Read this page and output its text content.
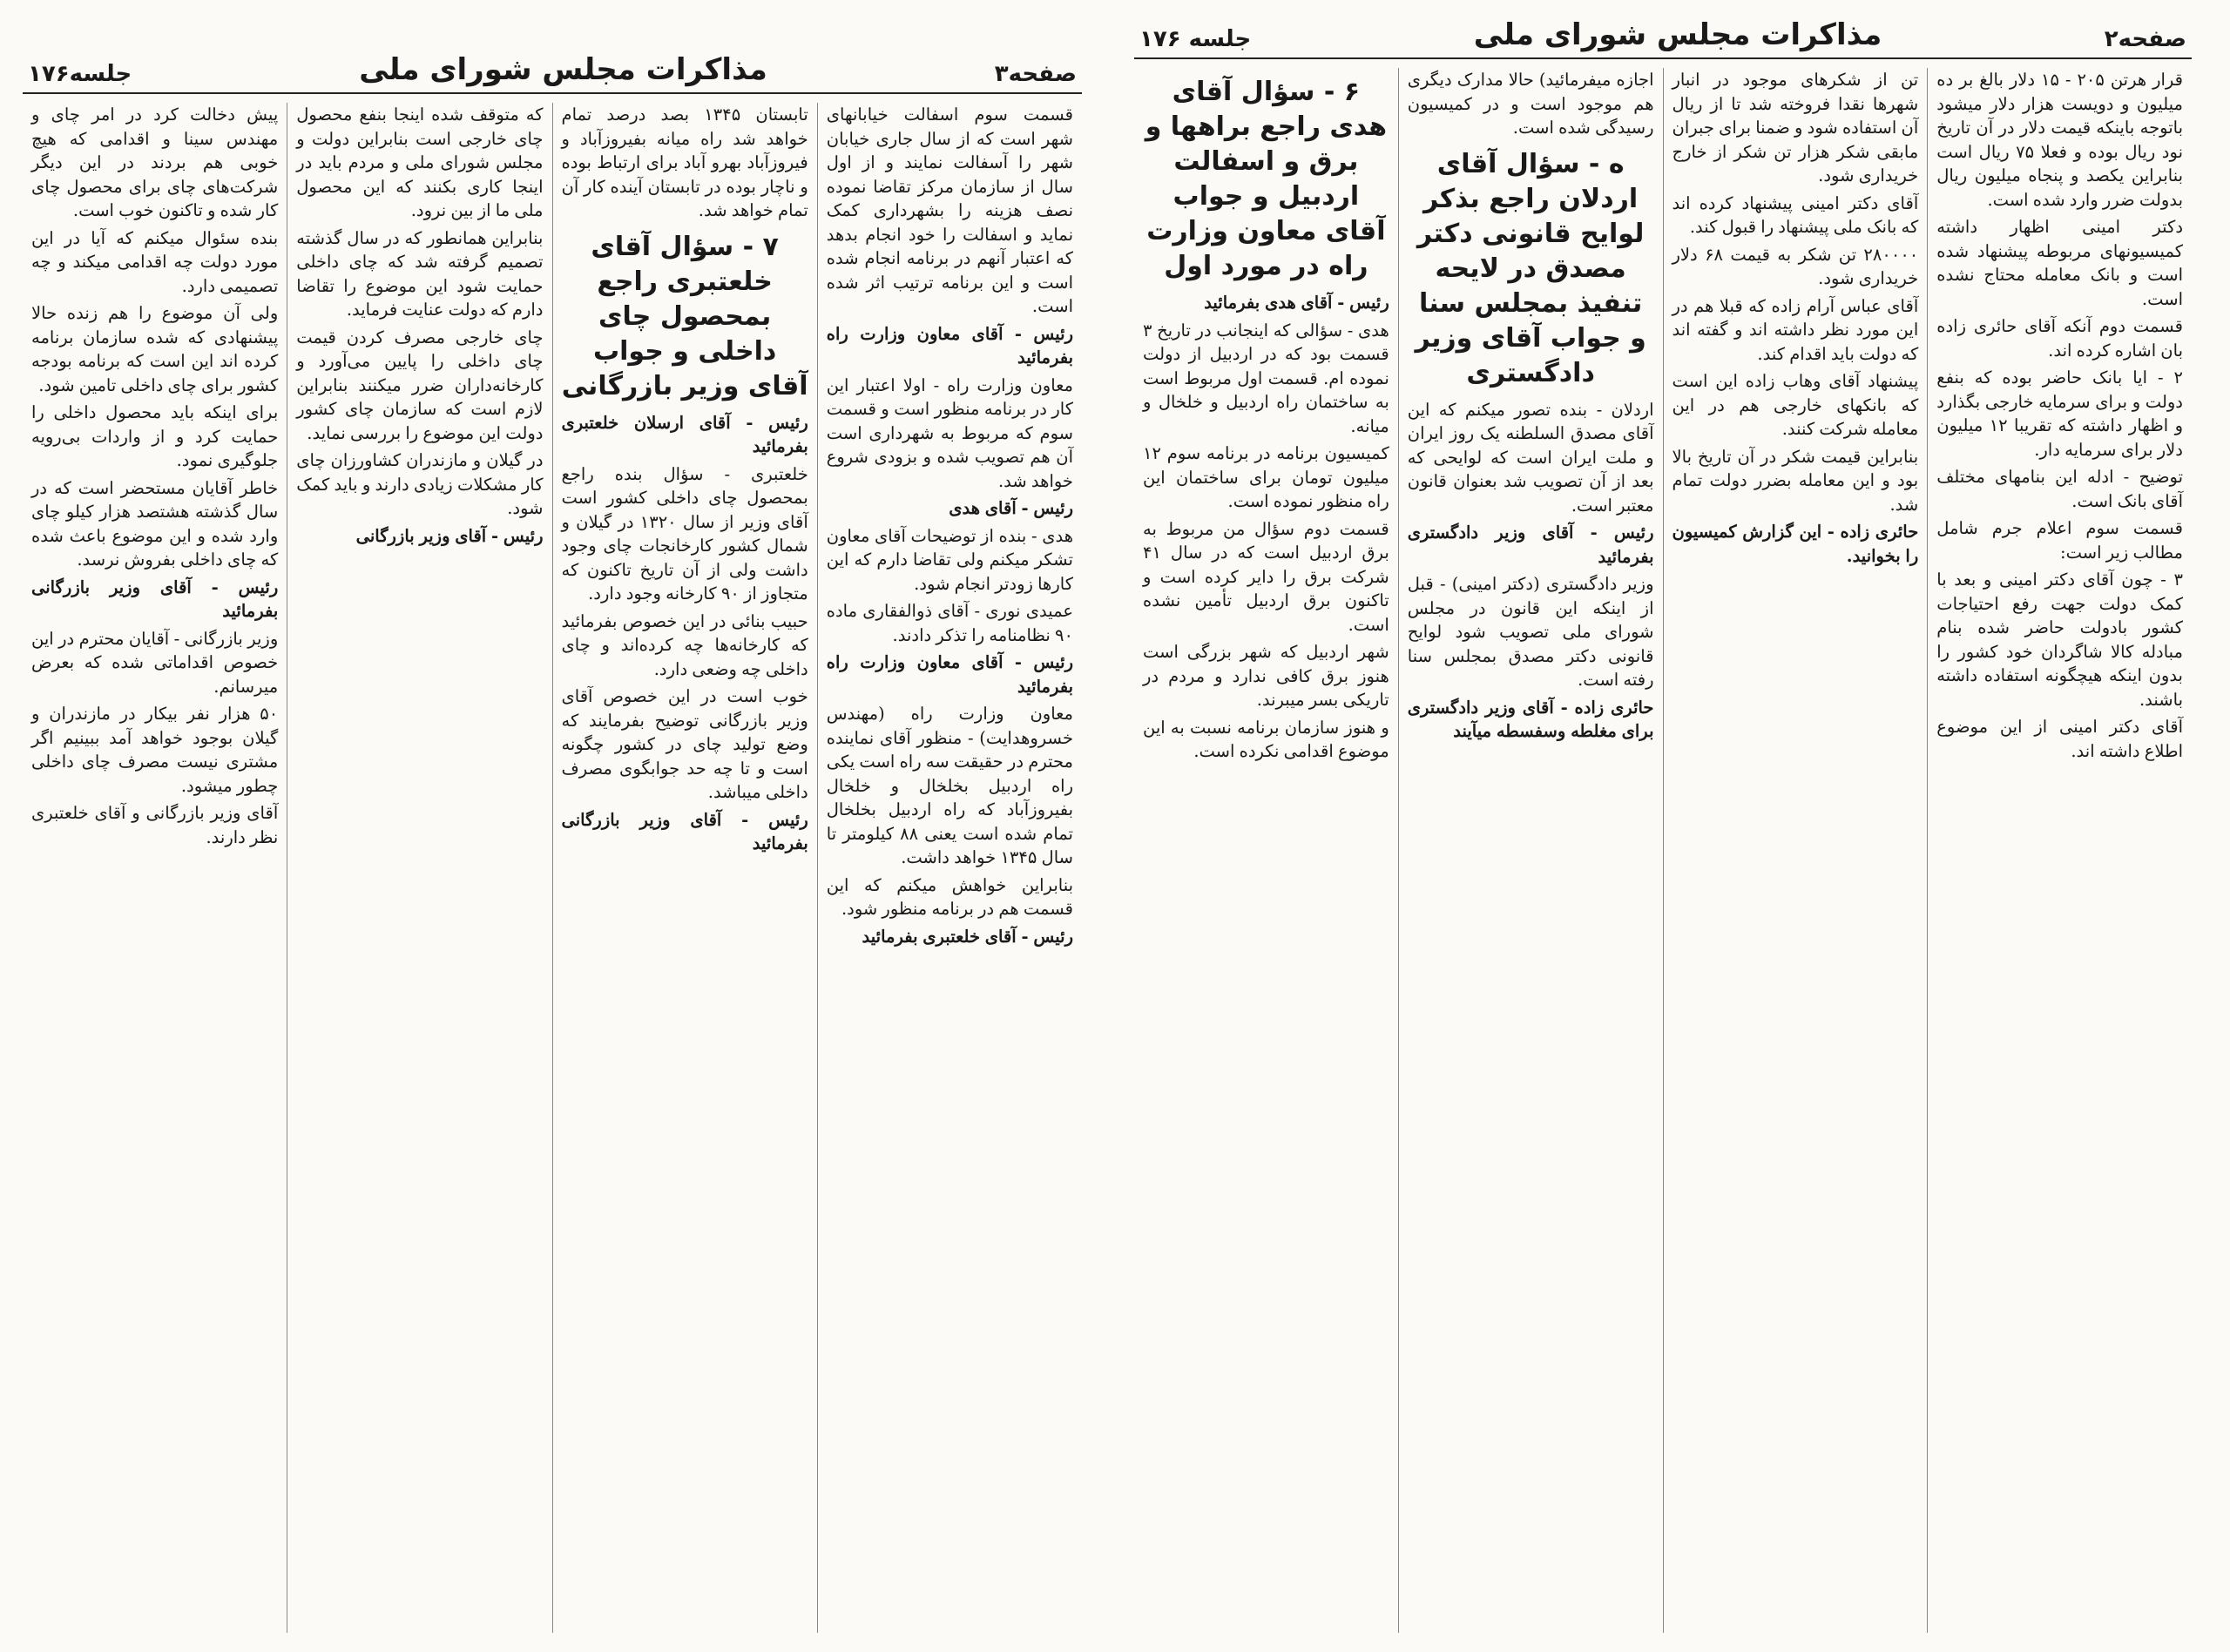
جلسه۱۷۶	مذاکرات مجلس شورای ملی	صفحه۳

قسمت سوم اسفالت خیابانهای شهر است که از سال جاری خیابان شهر را آسفالت نمایند و از اول سال از سازمان مرکز تقاضا نموده نصف هزینه را بشهرداری کمک نماید و اسفالت را خود انجام بدهد که اعتبار آنهم در برنامه انجام شده است و این برنامه ترتیب اثر شده است.

رئیس - آقای معاون وزارت راه بفرمائید

معاون وزارت راه - اولا اعتبار این کار در برنامه منظور است و قسمت سوم که مربوط به شهرداری است آن هم تصویب شده و بزودی شروع خواهد شد.

رئیس - آقای هدی

هدی - بنده از توضیحات آقای معاون تشکر میکنم ولی تقاضا دارم که این کارها زودتر انجام شود.

عمیدی نوری - آقای ذوالفقاری ماده ۹۰ نظامنامه را تذکر دادند.

رئیس - آقای معاون وزارت راه بفرمائید

معاون وزارت راه (مهندس خسروهدایت) - منظور آقای نماینده محترم در حقیقت سه راه است یکی راه اردبیل بخلخال و خلخال بفیروزآباد که راه اردبیل بخلخال تمام شده است یعنی ۸۸ کیلومتر تا سال ۱۳۴۵ خواهد داشت.

بنابراین خواهش میکنم که این قسمت هم در برنامه منظور شود.

رئیس - آقای خلعتبری بفرمائید

تابستان ۱۳۴۵ بصد درصد تمام خواهد شد راه میانه بفیروزآباد و فیروزآباد بهرو آباد برای ارتباط بوده و ناچار بوده در تابستان آینده کار آن تمام خواهد شد.

۷ - سؤال آقای خلعتبری راجع بمحصول چای داخلی و جواب آقای وزیر بازرگانی

رئیس - آقای ارسلان خلعتبری بفرمائید

خلعتبری - سؤال بنده راجع بمحصول چای داخلی کشور است آقای وزیر از سال ۱۳۲۰ در گیلان و شمال کشور کارخانجات چای وجود داشت ولی از آن تاریخ تاکنون که متجاوز از ۹۰ کارخانه وجود دارد.

حبیب بنائی در این خصوص بفرمائید که کارخانه‌ها چه کرده‌اند و چای داخلی چه وضعی دارد.

خوب است در این خصوص آقای وزیر بازرگانی توضیح بفرمایند که وضع تولید چای در کشور چگونه است و تا چه حد جوابگوی مصرف داخلی میباشد.

رئیس - آقای وزیر بازرگانی بفرمائید

که متوقف شده اینجا بنفع محصول چای خارجی است بنابراین دولت و مجلس شورای ملی و مردم باید در اینجا کاری بکنند که این محصول ملی ما از بین نرود.

بنابراین همانطور که در سال گذشته تصمیم گرفته شد که چای داخلی حمایت شود این موضوع را تقاضا دارم که دولت عنایت فرماید.

چای خارجی مصرف کردن قیمت چای داخلی را پایین می‌آورد و کارخانه‌داران ضرر میکنند بنابراین لازم است که سازمان چای کشور دولت این موضوع را بررسی نماید.

در گیلان و مازندران کشاورزان چای کار مشکلات زیادی دارند و باید کمک شود.

رئیس - آقای وزیر بازرگانی

پیش دخالت کرد در امر چای و مهندس سینا و اقدامی که هیچ خوبی هم بردند در این دیگر شرکت‌های چای برای محصول چای کار شده و تاکنون خوب است.

بنده سئوال میکنم که آیا در این مورد دولت چه اقدامی میکند و چه تصمیمی دارد.

ولی آن موضوع را هم زنده حالا پیشنهادی که شده سازمان برنامه کرده اند این است که برنامه بودجه کشور برای چای داخلی تامین شود.

برای اینکه باید محصول داخلی را حمایت کرد و از واردات بی‌رویه جلوگیری نمود.

خاطر آقایان مستحضر است که در سال گذشته هشتصد هزار کیلو چای وارد شده و این موضوع باعث شده که چای داخلی بفروش نرسد.

رئیس - آقای وزیر بازرگانی بفرمائید

وزیر بازرگانی - آقایان محترم در این خصوص اقداماتی شده که بعرض میرسانم.

۵۰ هزار نفر بیکار در مازندران و گیلان بوجود خواهد آمد ببینیم اگر مشتری نیست مصرف چای داخلی چطور میشود.

آقای وزیر بازرگانی و آقای خلعتبری نظر دارند.

جلسه ۱۷۶	مذاکرات مجلس شورای ملی	صفحه۲

قرار هرتن ۲۰۵ - ۱۵ دلار بالغ بر ده میلیون و دویست هزار دلار میشود باتوجه باینکه قیمت دلار در آن تاریخ نود ریال بوده و فعلا ۷۵ ریال است بنابراین یکصد و پنجاه میلیون ریال بدولت ضرر وارد شده است.

دکتر امینی اظهار داشته کمیسیونهای مربوطه پیشنهاد شده است و بانک معامله محتاج نشده است.

قسمت دوم آنکه آقای حائری زاده بان اشاره کرده اند.

۲ - ایا بانک حاضر بوده که بنفع دولت و برای سرمایه خارجی بگذارد و اظهار داشته که تقریبا ۱۲ میلیون دلار برای سرمایه دار.

توضیح - ادله این بنامهای مختلف آقای بانک است.

قسمت سوم اعلام جرم شامل مطالب زیر است:

۳ - چون آقای دکتر امینی و بعد با کمک دولت جهت رفع احتیاجات کشور بادولت حاضر شده بنام مبادله کالا شاگردان خود کشور را بدون اینکه هیچگونه استفاده داشته باشند.

آقای دکتر امینی از این موضوع اطلاع داشته اند.

تن از شکرهای موجود در انبار شهرها نقدا فروخته شد تا از ریال آن استفاده شود و ضمنا برای جبران مابقی شکر هزار تن شکر از خارج خریداری شود.

آقای دکتر امینی پیشنهاد کرده اند که بانک ملی پیشنهاد را قبول کند.

۲۸۰۰۰۰ تن شکر به قیمت ۶۸ دلار خریداری شود.

آقای عباس آرام زاده که قبلا هم در این مورد نظر داشته اند و گفته اند که دولت باید اقدام کند.

پیشنهاد آقای وهاب زاده این است که بانکهای خارجی هم در این معامله شرکت کنند.

بنابراین قیمت شکر در آن تاریخ بالا بود و این معامله بضرر دولت تمام شد.

حائری زاده - این گزارش کمیسیون را بخوانید.

اجازه میفرمائید) حالا مدارک دیگری هم موجود است و در کمیسیون رسیدگی شده است.

ه - سؤال آقای اردلان راجع بذکر لوایح قانونی دکتر مصدق در لایحه تنفیذ بمجلس سنا و جواب آقای وزیر دادگستری

اردلان - بنده تصور میکنم که این آقای مصدق السلطنه یک روز ایران و ملت ایران است که لوایحی که بعد از آن تصویب شد بعنوان قانون معتبر است.

رئیس - آقای وزیر دادگستری بفرمائید

وزیر دادگستری (دکتر امینی) - قبل از اینکه این قانون در مجلس شورای ملی تصویب شود لوایح قانونی دکتر مصدق بمجلس سنا رفته است.

حائری زاده - آقای وزیر دادگستری برای مغلطه وسفسطه میآیند

۶ - سؤال آقای هدی راجع براهها و برق و اسفالت اردبیل و جواب آقای معاون وزارت راه در مورد اول

رئیس - آقای هدی بفرمائید

هدی - سؤالی که اینجانب در تاریخ ۳ قسمت بود که در اردبیل از دولت نموده ام. قسمت اول مربوط است به ساختمان راه اردبیل و خلخال و میانه.

کمیسیون برنامه در برنامه سوم ۱۲ میلیون تومان برای ساختمان این راه منظور نموده است.

قسمت دوم سؤال من مربوط به برق اردبیل است که در سال ۴۱ شرکت برق را دایر کرده است و تاکنون برق اردبیل تأمین نشده است.

شهر اردبیل که شهر بزرگی است هنوز برق کافی ندارد و مردم در تاریکی بسر میبرند.

و هنوز سازمان برنامه نسبت به این موضوع اقدامی نکرده است.
